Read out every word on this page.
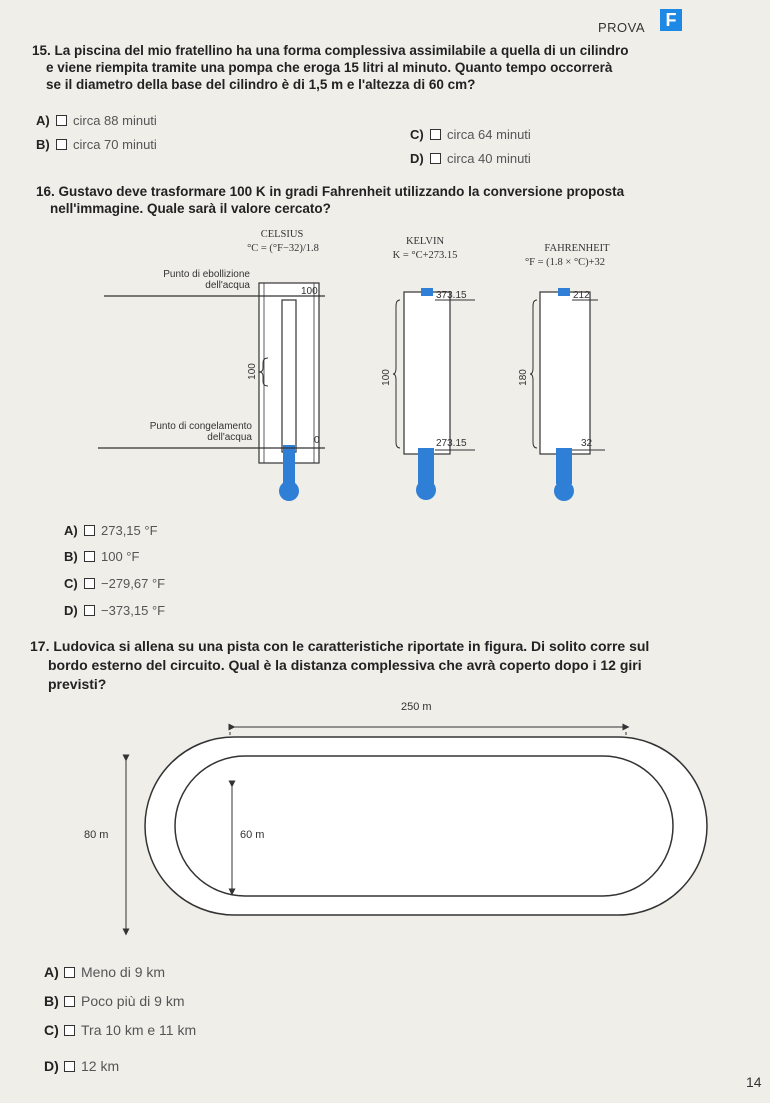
PROVA	F
15. La piscina del mio fratellino ha una forma complessiva assimilabile a quella di un cilindro
e viene riempita tramite una pompa che eroga 15 litri al minuto. Quanto tempo occorrerà
se il diametro della base del cilindro è di 1,5 m e l'altezza di 60 cm?
A) circa 88 minuti
B) circa 70 minuti
C) circa 64 minuti
D) circa 40 minuti
16. Gustavo deve trasformare 100 K in gradi Fahrenheit utilizzando la conversione proposta
nell'immagine. Quale sarà il valore cercato?
CELSIUS
°C = (°F−32)/1.8
KELVIN
K = °C+273.15
FAHRENHEIT
°F = (1.8 × °C)+32
Punto di ebollizione
dell'acqua
Punto di congelamento
dell'acqua
100
0
100
373.15
273.15
100
212
32
180
A) 273,15 °F
B) 100 °F
C) −279,67 °F
D) −373,15 °F
17. Ludovica si allena su una pista con le caratteristiche riportate in figura. Di solito corre sul
bordo esterno del circuito. Qual è la distanza complessiva che avrà coperto dopo i 12 giri
previsti?
250 m
80 m	60 m
A) Meno di 9 km
B) Poco più di 9 km
C) Tra 10 km e 11 km
D) 12 km
14
